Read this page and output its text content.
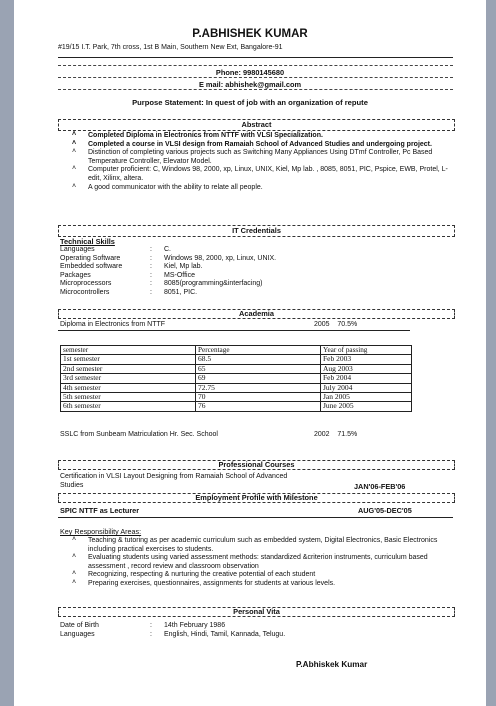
P.ABHISHEK KUMAR
#19/15 I.T. Park, 7th cross, 1st B Main, Southern New Ext, Bangalore-91
Phone: 9980145680
E mail: abhishek@gmail.com
Purpose Statement: In quest of job with an organization of repute
Abstract
˄ Completed Diploma in Electronics from NTTF with VLSI Specialization.
˄ Completed a course in VLSI design from Ramaiah School of Advanced Studies and undergoing project.
˄ Distinction of completing various projects such as Switching Many Appliances Using DTmf Controller, Pc Based Temperature Controller, Elevator Model.
˄ Computer proficient: C, Windows 98, 2000, xp, Linux, UNIX, Kiel, Mp lab. , 8085, 8051, PIC, Pspice, EWB, Protel, L-edit, Xilinx, altera.
˄ A good communicator with the ability to relate all people.
IT Credentials
Technical Skills
Languages	:	C.
Operating Software	:	Windows 98, 2000, xp, Linux, UNIX.
Embedded software	:	Kiel, Mp lab.
Packages	:	MS-Office
Microprocessors	:	8085(programming&interfacing)
Microcontrollers	:	8051, PIC.
Academia
Diploma in Electronics from NTTF	2005 70.5%
semester	Percentage	Year of passing
1st semester	68.5	Feb 2003
2nd semester	65	Aug 2003
3rd semester	69	Feb 2004
4th semester	72.75	July 2004
5th semester	70	Jan 2005
6th semester	76	June 2005
SSLC from Sunbeam Matriculation Hr. Sec. School	2002 71.5%
Professional Courses
Certification in VLSI Layout Designing from Ramaiah School of Advanced
Studies	JAN'06-FEB'06
Employment Profile with Milestone
SPIC NTTF as Lecturer	AUG'05-DEC'05
Key Responsibility Areas:
˄ Teaching & tutoring as per academic curriculum such as embedded system, Digital Electronics, Basic Electronics including practical exercises to students.
˄ Evaluating students using varied assessment methods: standardized &criterion instruments, curriculum based assessment , record review and classroom observation
˄ Recognizing, respecting & nurturing the creative potential of each student
˄ Preparing exercises, questionnaires, assignments for students at various levels.
Personal Vita
Date of Birth	:	14th February 1986
Languages	:	English, Hindi, Tamil, Kannada, Telugu.
P.Abhiskek Kumar
